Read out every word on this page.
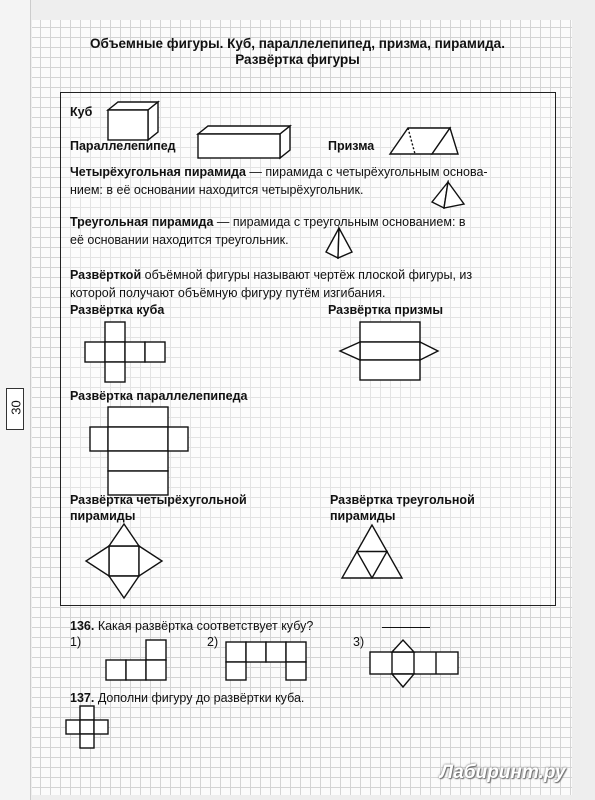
30
Объемные фигуры. Куб, параллелепипед, призма, пирамида.
Развёртка фигуры
Куб
Параллелепипед	Призма
Четырёхугольная пирамида — пирамида с четырёхугольным основа-
нием: в её основании находится четырёхугольник.
Треугольная пирамида — пирамида с треугольным основанием: в
её основании находится треугольник.
Развёрткой объёмной фигуры называют чертёж плоской фигуры, из
которой получают объёмную фигуру путём изгибания.
Развёртка куба	Развёртка призмы
Развёртка параллелепипеда
Развёртка четырёхугольной
пирамиды
Развёртка треугольной
пирамиды
136. Какая развёртка соответствует кубу?
1)	2)	3)
137. Дополни фигуру до развёртки куба.
Лабиринт.ру
